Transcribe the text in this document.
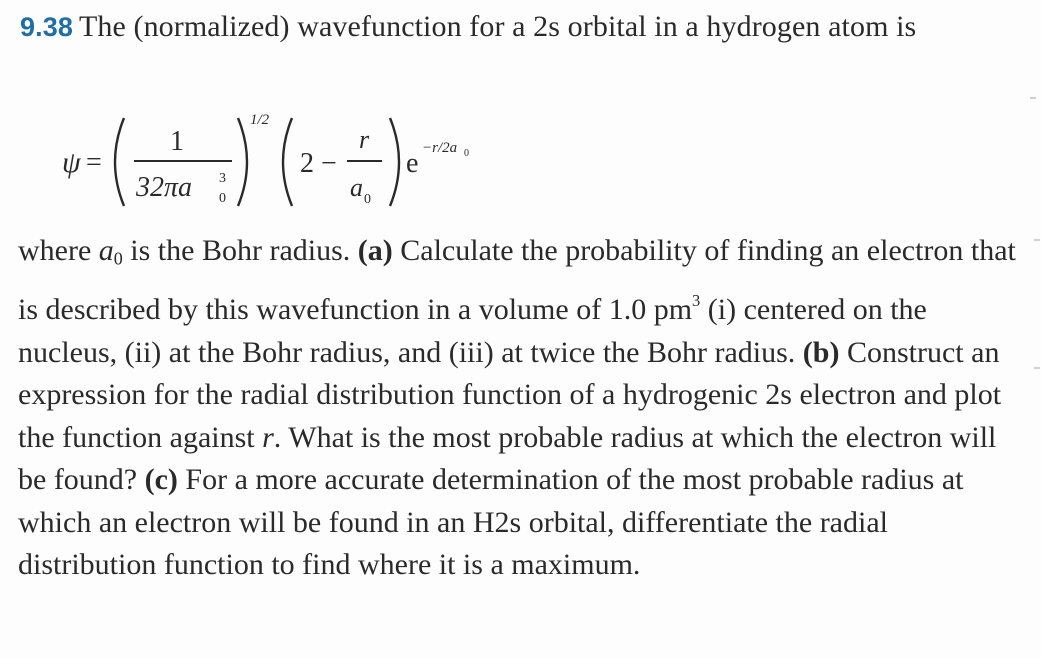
9.38 The (normalized) wavefunction for a 2s orbital in a hydrogen atom is
ψ =
1
32πa 3
0
1/2
2 −
r
a 0
e −r/2a 0

where $a_0$ is the Bohr radius. (a) Calculate the probability of finding an electron that is described by this wavefunction in a volume of 1.0 $pm^3$ (i) centered on the nucleus, (ii) at the Bohr radius, and (iii) at twice the Bohr radius. (b) Construct an expression for the radial distribution function of a hydrogenic 2s electron and plot the function against r. What is the most probable radius at which the electron will be found? (c) For a more accurate determination of the most probable radius at which an electron will be found in an H2s orbital, differentiate the radial distribution function to find where it is a maximum.
